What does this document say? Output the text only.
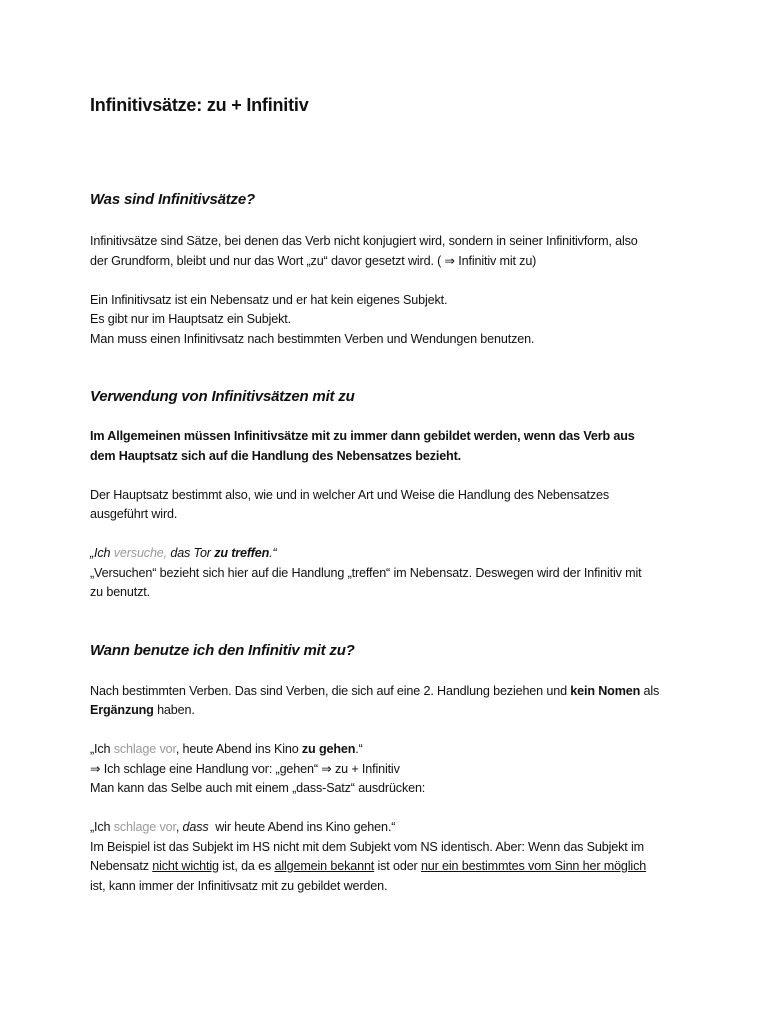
Infinitivsätze: zu + Infinitiv
Was sind Infinitivsätze?

Infinitivsätze sind Sätze, bei denen das Verb nicht konjugiert wird, sondern in seiner Infinitivform, also
der Grundform, bleibt und nur das Wort „zu“ davor gesetzt wird. ( ⇒ Infinitiv mit zu)

Ein Infinitivsatz ist ein Nebensatz und er hat kein eigenes Subjekt.
Es gibt nur im Hauptsatz ein Subjekt.
Man muss einen Infinitivsatz nach bestimmten Verben und Wendungen benutzen.

Verwendung von Infinitivsätzen mit zu

Im Allgemeinen müssen Infinitivsätze mit zu immer dann gebildet werden, wenn das Verb aus
dem Hauptsatz sich auf die Handlung des Nebensatzes bezieht.

Der Hauptsatz bestimmt also, wie und in welcher Art und Weise die Handlung des Nebensatzes
ausgeführt wird.

„Ich versuche, das Tor zu treffen.“
„Versuchen“ bezieht sich hier auf die Handlung „treffen“ im Nebensatz. Deswegen wird der Infinitiv mit
zu benutzt.

Wann benutze ich den Infinitiv mit zu?

Nach bestimmten Verben. Das sind Verben, die sich auf eine 2. Handlung beziehen und kein Nomen als
Ergänzung haben.

„Ich schlage vor, heute Abend ins Kino zu gehen.“
⇒ Ich schlage eine Handlung vor: „gehen“ ⇒ zu + Infinitiv
Man kann das Selbe auch mit einem „dass-Satz“ ausdrücken:

„Ich schlage vor, dass  wir heute Abend ins Kino gehen.“
Im Beispiel ist das Subjekt im HS nicht mit dem Subjekt vom NS identisch. Aber: Wenn das Subjekt im
Nebensatz nicht wichtig ist, da es allgemein bekannt ist oder nur ein bestimmtes vom Sinn her möglich
ist, kann immer der Infinitivsatz mit zu gebildet werden.
